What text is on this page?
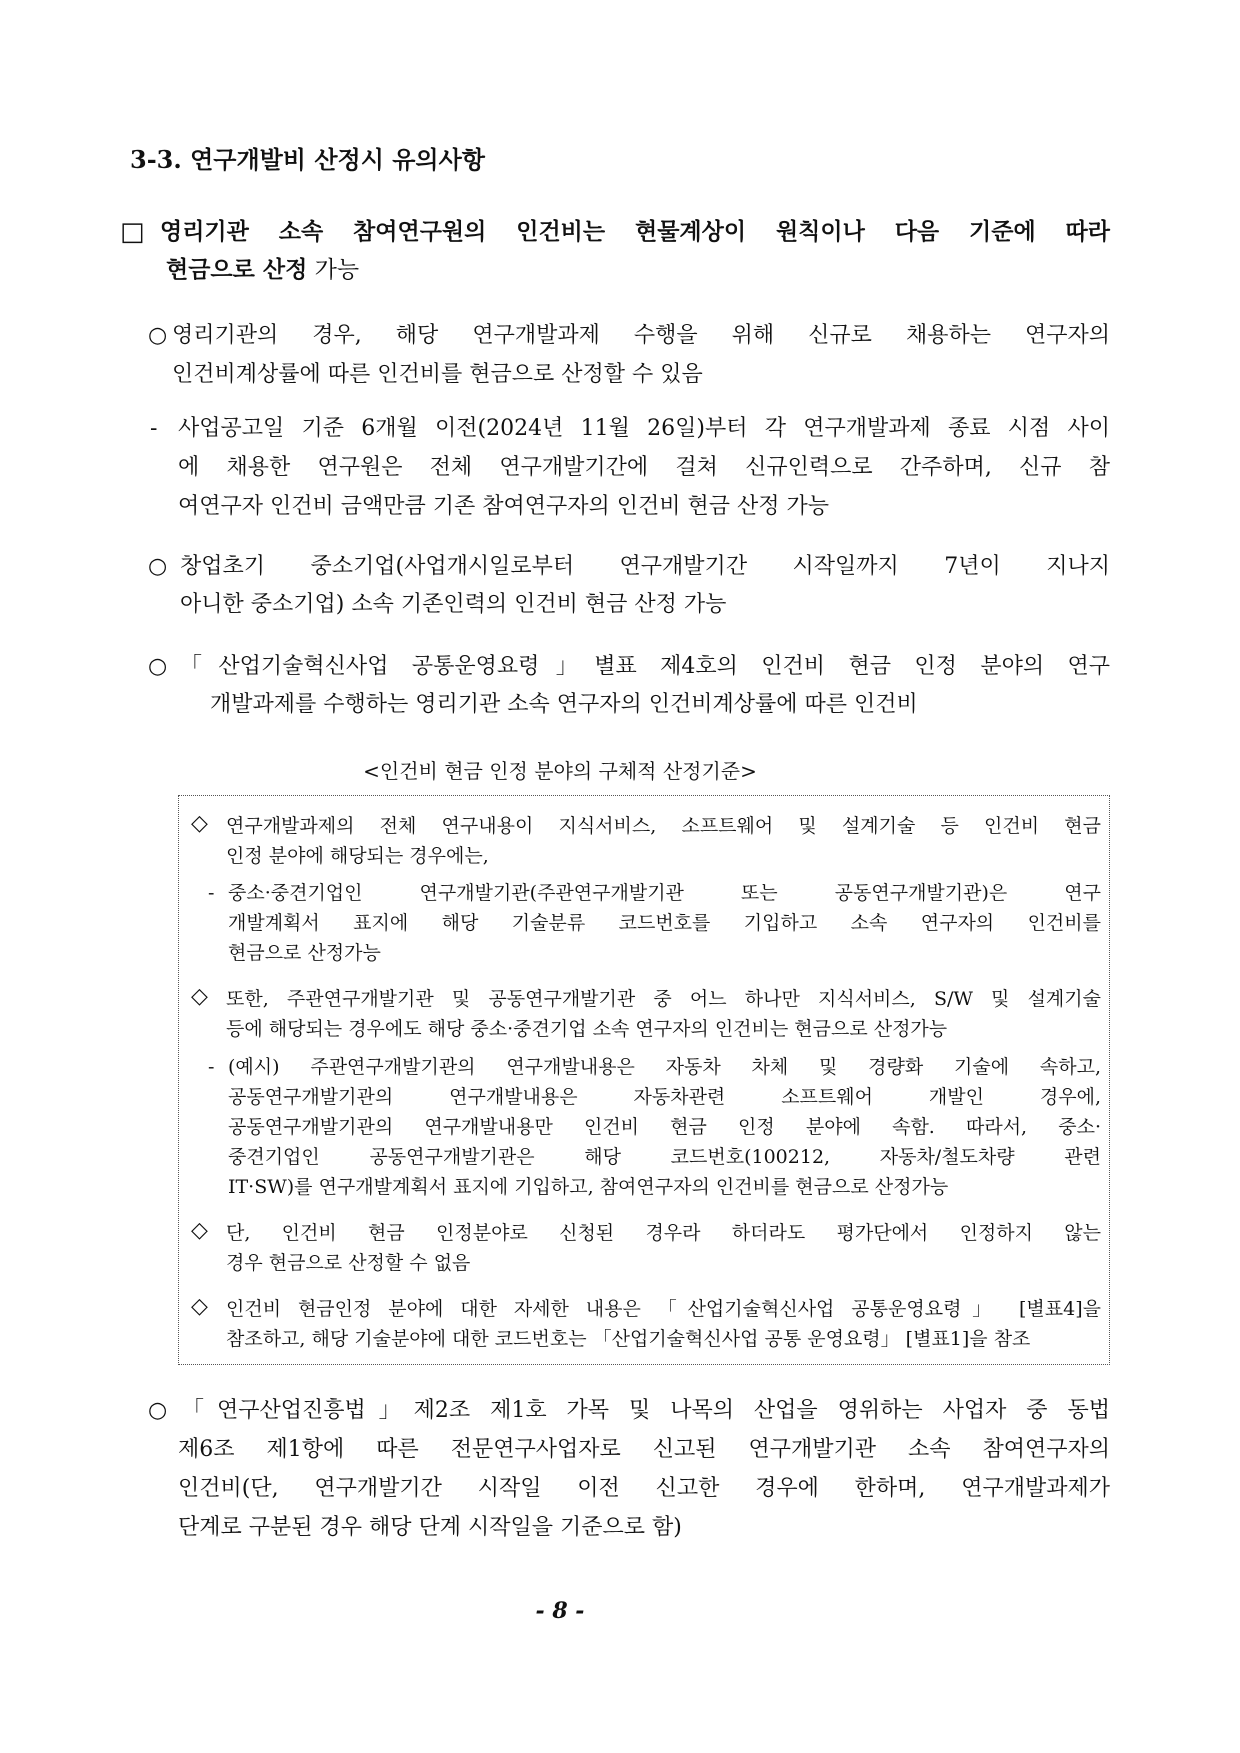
3-3. 연구개발비 산정시 유의사항
□ 영리기관 소속 참여연구원의 인건비는 현물계상이 원칙이나 다음 기준에 따라
현금으로 산정 가능
○ 영리기관의 경우, 해당 연구개발과제 수행을 위해 신규로 채용하는 연구자의
인건비계상률에 따른 인건비를 현금으로 산정할 수 있음
- 사업공고일 기준 6개월 이전(2024년 11월 26일)부터 각 연구개발과제 종료 시점 사이
에 채용한 연구원은 전체 연구개발기간에 걸쳐 신규인력으로 간주하며, 신규 참
여연구자 인건비 금액만큼 기존 참여연구자의 인건비 현금 산정 가능
○ 창업초기 중소기업(사업개시일로부터 연구개발기간 시작일까지 7년이 지나지
아니한 중소기업) 소속 기존인력의 인건비 현금 산정 가능
○ 「산업기술혁신사업 공통운영요령」별표 제4호의 인건비 현금 인정 분야의 연구
개발과제를 수행하는 영리기관 소속 연구자의 인건비계상률에 따른 인건비
<인건비 현금 인정 분야의 구체적 산정기준>
◇ 연구개발과제의 전체 연구내용이 지식서비스, 소프트웨어 및 설계기술 등 인건비 현금
인정 분야에 해당되는 경우에는,
- 중소·중견기업인 연구개발기관(주관연구개발기관 또는 공동연구개발기관)은 연구
개발계획서 표지에 해당 기술분류 코드번호를 기입하고 소속 연구자의 인건비를
현금으로 산정가능
◇ 또한, 주관연구개발기관 및 공동연구개발기관 중 어느 하나만 지식서비스, S/W 및 설계기술
등에 해당되는 경우에도 해당 중소·중견기업 소속 연구자의 인건비는 현금으로 산정가능
- (예시) 주관연구개발기관의 연구개발내용은 자동차 차체 및 경량화 기술에 속하고,
공동연구개발기관의 연구개발내용은 자동차관련 소프트웨어 개발인 경우에,
공동연구개발기관의 연구개발내용만 인건비 현금 인정 분야에 속함. 따라서, 중소·
중견기업인 공동연구개발기관은 해당 코드번호(100212, 자동차/철도차량 관련
IT·SW)를 연구개발계획서 표지에 기입하고, 참여연구자의 인건비를 현금으로 산정가능
◇ 단, 인건비 현금 인정분야로 신청된 경우라 하더라도 평가단에서 인정하지 않는
경우 현금으로 산정할 수 없음
◇ 인건비 현금인정 분야에 대한 자세한 내용은 「산업기술혁신사업 공통운영요령」 [별표4]을
참조하고, 해당 기술분야에 대한 코드번호는 「산업기술혁신사업 공통 운영요령」 [별표1]을 참조
○ 「연구산업진흥법」제2조 제1호 가목 및 나목의 산업을 영위하는 사업자 중 동법
제6조 제1항에 따른 전문연구사업자로 신고된 연구개발기관 소속 참여연구자의
인건비(단, 연구개발기간 시작일 이전 신고한 경우에 한하며, 연구개발과제가
단계로 구분된 경우 해당 단계 시작일을 기준으로 함)
- 8 -
